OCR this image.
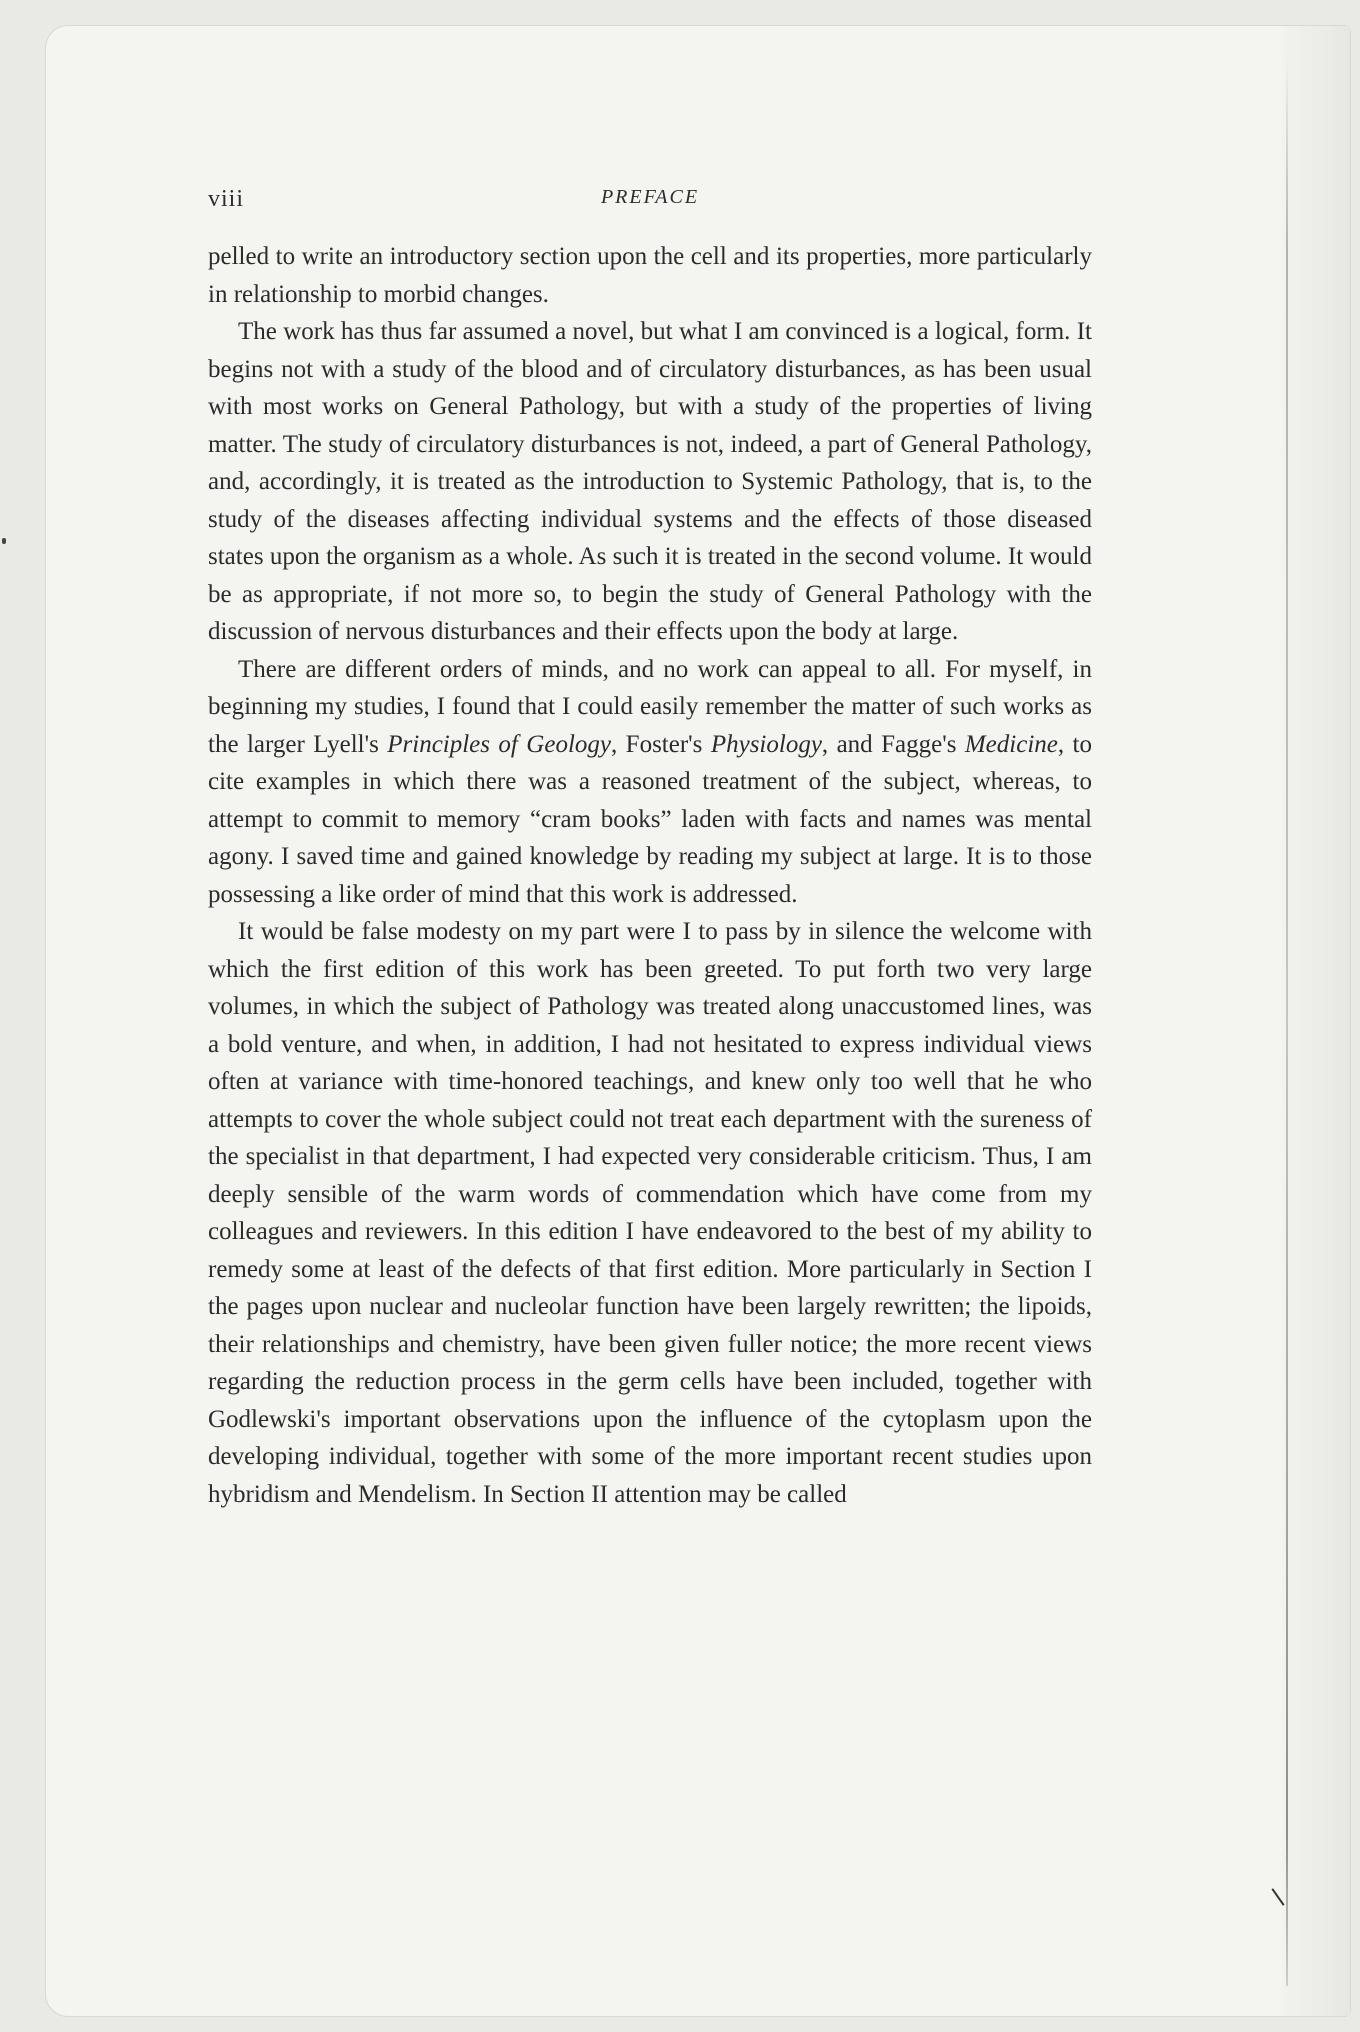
viii	PREFACE

pelled to write an introductory section upon the cell and its properties, more particularly in relationship to morbid changes.

The work has thus far assumed a novel, but what I am convinced is a logical, form. It begins not with a study of the blood and of circulatory disturbances, as has been usual with most works on General Pathology, but with a study of the properties of living matter. The study of circulatory disturbances is not, indeed, a part of General Pathology, and, accordingly, it is treated as the introduction to Systemic Pathology, that is, to the study of the diseases affecting individual systems and the effects of those diseased states upon the organism as a whole. As such it is treated in the second volume. It would be as appropriate, if not more so, to begin the study of General Pathology with the discussion of nervous disturbances and their effects upon the body at large.

There are different orders of minds, and no work can appeal to all. For myself, in beginning my studies, I found that I could easily remember the matter of such works as the larger Lyell's Principles of Geology, Foster's Physiology, and Fagge's Medicine, to cite examples in which there was a reasoned treatment of the subject, whereas, to attempt to commit to memory “cram books” laden with facts and names was mental agony. I saved time and gained knowledge by reading my subject at large. It is to those possessing a like order of mind that this work is addressed.

It would be false modesty on my part were I to pass by in silence the welcome with which the first edition of this work has been greeted. To put forth two very large volumes, in which the subject of Pathology was treated along unaccustomed lines, was a bold venture, and when, in addition, I had not hesitated to express individual views often at variance with time-honored teachings, and knew only too well that he who attempts to cover the whole subject could not treat each department with the sureness of the specialist in that department, I had expected very considerable criticism. Thus, I am deeply sensible of the warm words of commendation which have come from my colleagues and reviewers. In this edition I have endeavored to the best of my ability to remedy some at least of the defects of that first edition. More particularly in Section I the pages upon nuclear and nucleolar function have been largely rewritten; the lipoids, their relationships and chemistry, have been given fuller notice; the more recent views regarding the reduction process in the germ cells have been included, together with Godlewski's important observations upon the influence of the cytoplasm upon the developing individual, together with some of the more important recent studies upon hybridism and Mendelism. In Section II attention may be called
